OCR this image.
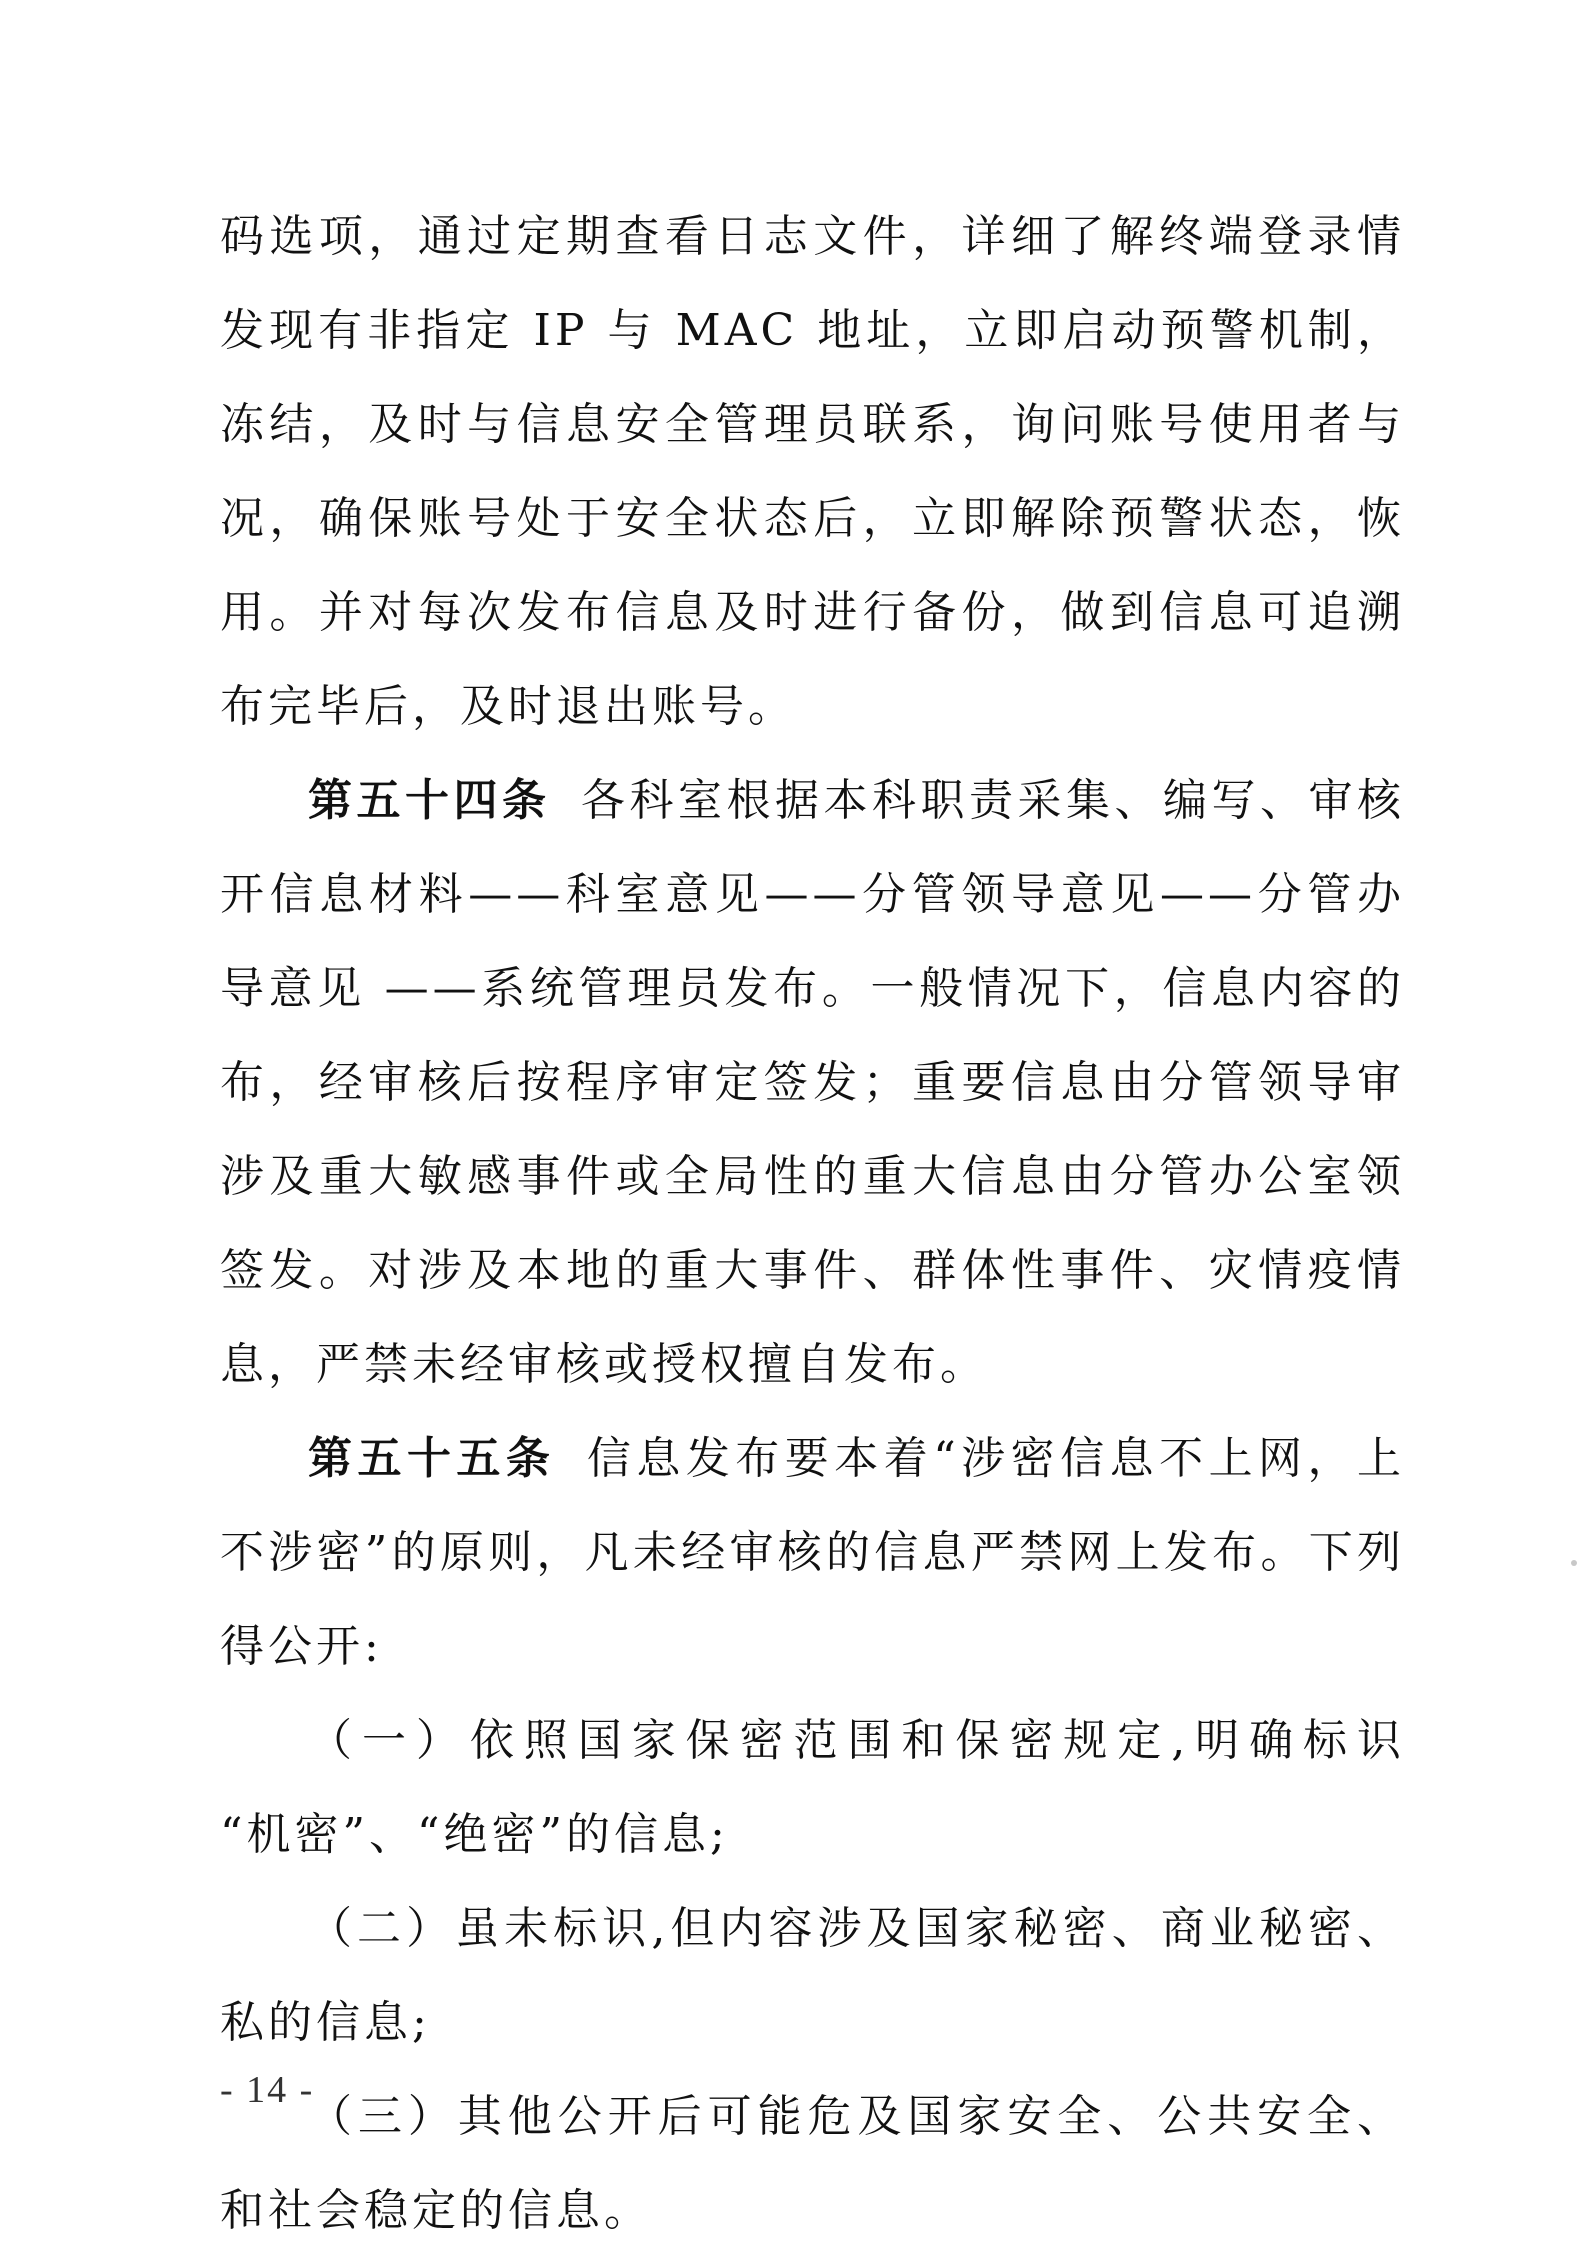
码选项，通过定期查看日志文件，详细了解终端登录情
发现有非指定 IP 与 MAC 地址，立即启动预警机制，
冻结，及时与信息安全管理员联系，询问账号使用者与
况，确保账号处于安全状态后，立即解除预警状态，恢
用。并对每次发布信息及时进行备份，做到信息可追溯
布完毕后，及时退出账号。
第五十四条 各科室根据本科职责采集、编写、审核
开信息材料——科室意见——分管领导意见——分管办
导意见 ——系统管理员发布。一般情况下，信息内容的
布，经审核后按程序审定签发；重要信息由分管领导审
涉及重大敏感事件或全局性的重大信息由分管办公室领
签发。对涉及本地的重大事件、群体性事件、灾情疫情
息，严禁未经审核或授权擅自发布。
第五十五条 信息发布要本着“涉密信息不上网，上
不涉密”的原则，凡未经审核的信息严禁网上发布。下列
得公开:
（一）依照国家保密范围和保密规定,明确标识
“机密”、“绝密”的信息;
（二）虽未标识,但内容涉及国家秘密、商业秘密、
私的信息;
（三）其他公开后可能危及国家安全、公共安全、
和社会稳定的信息。
- 14 -
